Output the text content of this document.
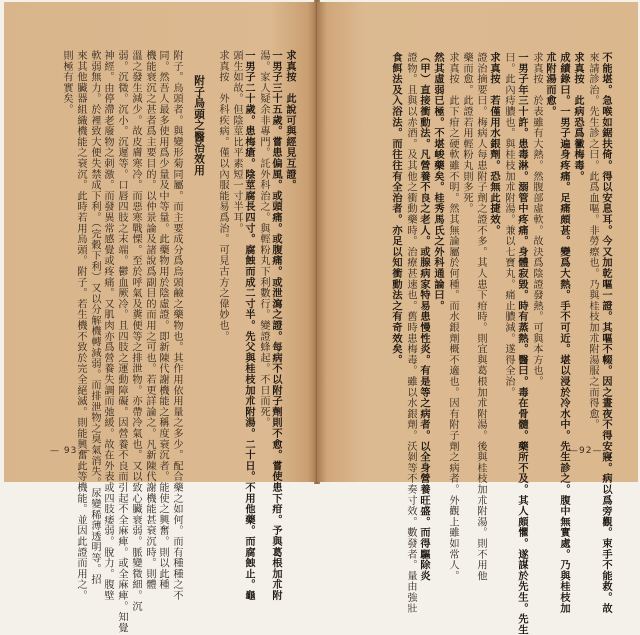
— 93 —
求真按　此說可與經見互證。
一男子三十五歲。嘗患偏風。或頭痛。或腹痛。或泄瀉之證。每病不以附子劑則不愈。嘗使患下疳。予與葛根加朮附
湯。家人疑余非專門。託外科治之。與輕粉丸下利數行。變證蜂起。不日而死。
一男子二十歲。患梅瘡。陰莖腐長四寸。腐蝕而成二寸半。先父與桂枝加朮附湯。二十日。不用他藥。而腐蝕止。龜
頭生如故。但陰莖比平素短一寸半耳。
求真按　外科疾病。僅以內服能易爲治。可見古方之偉妙也。
附子烏頭之醫治效用
附子。烏頭者。與變形菊同屬。而主要成分爲烏頭鹼之藥物也。其作用依用量之多少。配合藥之如何。而有種種之不
同。然吾人最多使用爲少量及中等量。此藥物用於陰虛證。即新陳代謝機能之稱度衰沉者。能使之興奮。則以此種
機能衰沉之甚者爲主要目的。以仲景論及諸說爲副目的而用之可也。若更詳論之。凡新陳代謝機能甚衰沉時。則體
溫之發生減少。故皮膚寒冷。而惡寒戰慄。至於呼氣及糞便等之排泄物。亦帶冷氣也。又以致心臟衰弱。脈變微細。沉
弱。沉微。沉小。沉遲等。口唇四肢之末端。鬱血厥冷。且四肢之運動障礙。因營養不良而引起不全麻痺。或全麻痺。知覺
神經。由停滯老廢物之刺激。而發異常感覺或疼痛。又肌肉亦爲營養失調而弛緩。故在外表或四肢痿弱。脫力。腹壁
軟弱無力。於裡致大便失禁成下利。（完穀下利）又以分解機轉減弱。而排泄物之臭氣消失。尿變稀薄透明等。招
來其他臟器組織機能之衰沉。此時若用烏頭。附子。若生機不致於完全絕滅。則能興奮此等機能。並因此證而用之。
則極有實矣。
—92—
不能堪。急喉如鋸扶倚。得以安息耳。今又加乾嘔一證。其嘔不輟。因之晝夜不得安寢。病以爲旁觀。束手不能救。故
來請診治。先生診之曰。此爲血嘔。非勞瘵也。乃與桂枝加朮附湯服之而得愈。
求真按　此病恐爲黴梅毒。
成績錄曰。一男子遍身疼痛。足痛頗甚。變爲大熱。手不可近。堪以浸於冷水中。先生診之。腹中無實處。乃與桂枝加
朮附湯而愈。
求真按　於表雖有大熱。然腹部虛軟。故決爲陰證發熱。可與本方也。
一男子年三十許。患毒淋。溺管中疼痛。身體寂毀。時有蒸熱。醫曰。毒在骨髓。藥所不及。其人頗懼。遂謀於先生。先生
曰。此內痔膿也。與桂枝加朮附湯。兼以七寶丸。痛止膿減。遂得全治。
求真按　若僅用水銀劑。恐無此捷效。
證治摘要曰。梅病人每患附子劑之證不多。其人患下疳時。則宜與葛根加朮附湯。後與桂枝加朮附湯。則不用他
藥而愈。此證若用輕粉丸則多死。
求真按　此下疳之硬軟雖不明。然其無論屬於何種。而水銀劑概不適也。因有附子劑之病者。外觀上雖如常人。
然其虛弱已極。不堪峻藥矣。桂秀馬氏之外科通論曰。
（甲）直接衝動法。凡營養不良之老人。或腺病家特易患慢性炎。有是等之病者。以全身營養旺盛。而得驅除炎
證物。且與以赤酒。及其他之衝動藥時。治療甚速也。舊時患梅毒。雖以水銀劑。沃剝等不奏寸效。數發者。量由強壯
食餌法及入浴法。而往往有全治者。亦足以知衝動法之有奇效矣。
